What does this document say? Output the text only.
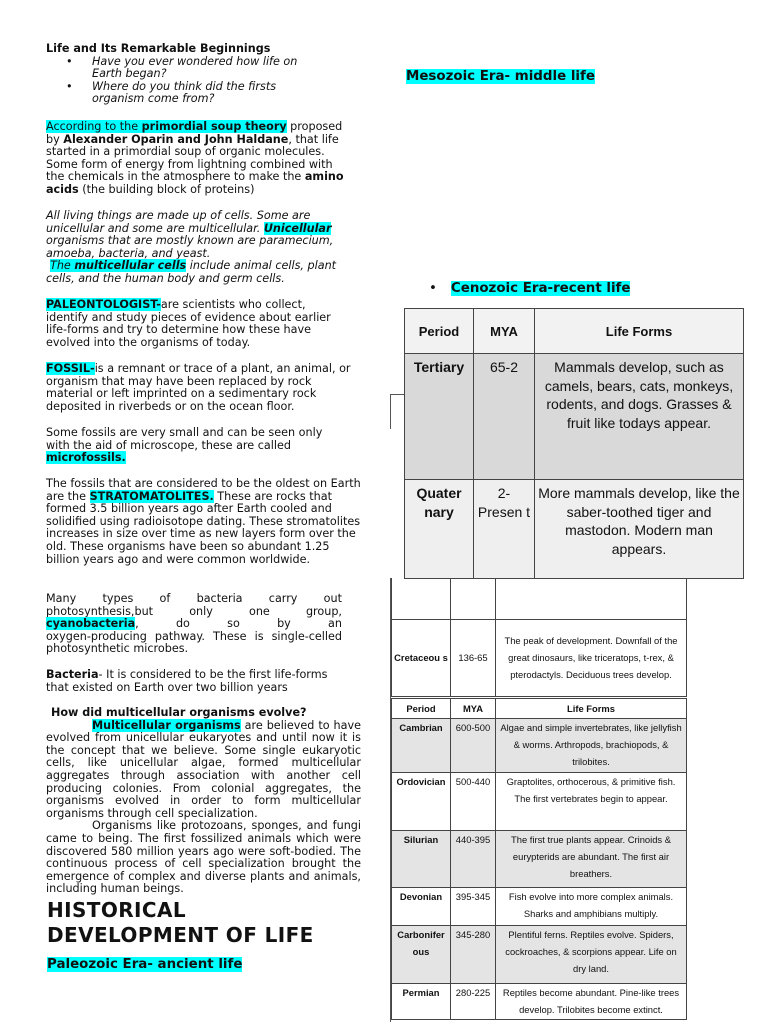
Life and Its Remarkable Beginnings

• Have you ever wondered how life on Earth began?
• Where do you think did the firsts organism come from?

According to the primordial soup theory proposed by Alexander Oparin and John Haldane, that life started in a primordial soup of organic molecules. Some form of energy from lightning combined with the chemicals in the atmosphere to make the amino acids (the building block of proteins)

All living things are made up of cells. Some are unicellular and some are multicellular. Unicellular organisms that are mostly known are paramecium, amoeba, bacteria, and yeast.
The multicellular cells include animal cells, plant cells, and the human body and germ cells.

PALEONTOLOGIST-are scientists who collect, identify and study pieces of evidence about earlier life-forms and try to determine how these have evolved into the organisms of today.

FOSSIL-is a remnant or trace of a plant, an animal, or organism that may have been replaced by rock material or left imprinted on a sedimentary rock deposited in riverbeds or on the ocean floor.

Some fossils are very small and can be seen only with the aid of microscope, these are called microfossils.

The fossils that are considered to be the oldest on Earth are the STRATOMATOLITES. These are rocks that formed 3.5 billion years ago after Earth cooled and solidified using radioisotope dating. These stromatolites increases in size over time as new layers form over the old. These organisms have been so abundant 1.25 billion years ago and were common worldwide.

Many types of bacteria carry out
photosynthesis,but only one group,
cyanobacteria, do so by an
oxygen-producing pathway. These is single-celled photosynthetic microbes.

Bacteria- It is considered to be the first life-forms that existed on Earth over two billion years

How did multicellular organisms evolve?
Multicellular organisms are believed to have evolved from unicellular eukaryotes and until now it is the concept that we believe. Some single eukaryotic cells, like unicellular algae, formed multicellular aggregates through association with another cell producing colonies. From colonial aggregates, the organisms evolved in order to form multicellular organisms through cell specialization.
Organisms like protozoans, sponges, and fungi came to being. The first fossilized animals which were discovered 580 million years ago were soft-bodied. The continuous process of cell specialization brought the emergence of complex and diverse plants and animals, including human beings.
HISTORICAL
DEVELOPMENT OF LIFE
Paleozoic Era- ancient life
Mesozoic Era- middle life
• Cenozoic Era-recent life
Period	MYA	Life Forms
Tertiary	65-2	Mammals develop, such as camels, bears, cats, monkeys, rodents, and dogs. Grasses & fruit like todays appear.
Quater nary	2-Presen t	More mammals develop, like the saber-toothed tiger and mastodon. Modern man appears.

Cretaceou s	136-65	The peak of development. Downfall of the great dinosaurs, like triceratops, t-rex, & pterodactyls. Deciduous trees develop.
Period	MYA	Life Forms
Cambrian	600-500	Algae and simple invertebrates, like jellyfish & worms. Arthropods, brachiopods, & trilobites.
Ordovician	500-440	Graptolites, orthocerous, & primitive fish. The first vertebrates begin to appear.
Silurian	440-395	The first true plants appear. Crinoids & eurypterids are abundant. The first air breathers.
Devonian	395-345	Fish evolve into more complex animals. Sharks and amphibians multiply.
Carbonifer ous	345-280	Plentiful ferns. Reptiles evolve. Spiders, cockroaches, & scorpions appear. Life on dry land.
Permian	280-225	Reptiles become abundant. Pine-like trees develop. Trilobites become extinct.
